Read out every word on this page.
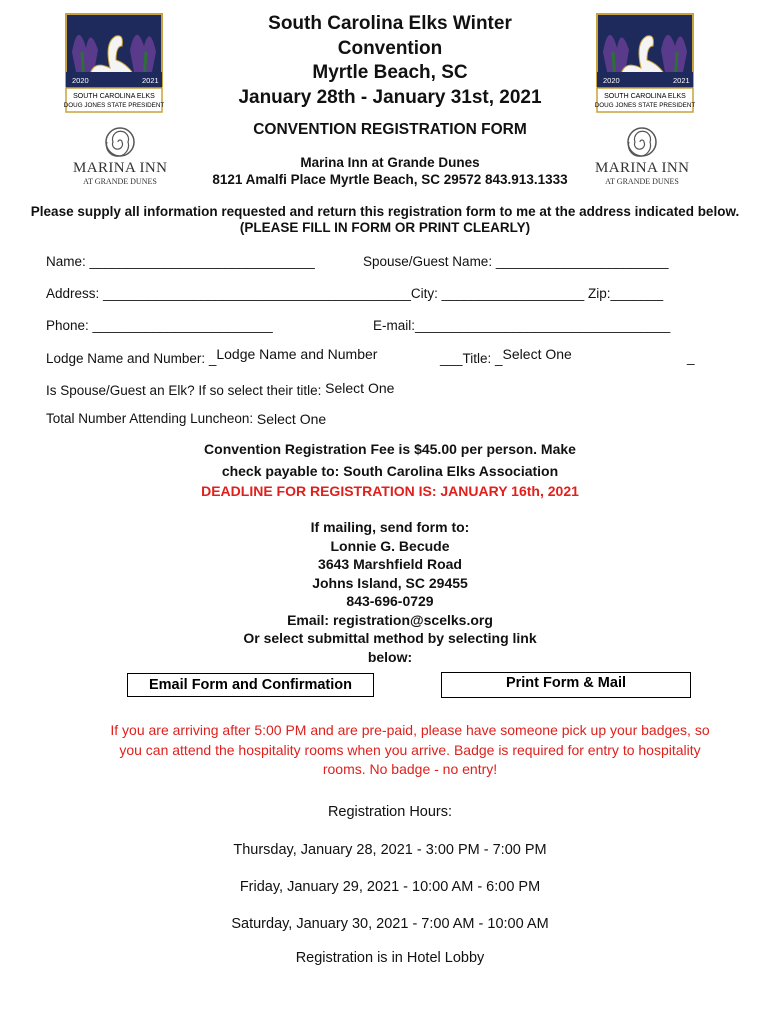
2020	2021
SOUTH CAROLINA ELKS
DOUG JONES STATE PRESIDENT
2020	2021
SOUTH CAROLINA ELKS
DOUG JONES STATE PRESIDENT
South Carolina Elks Winter
Convention
Myrtle Beach, SC
January 28th - January 31st, 2021
CONVENTION REGISTRATION FORM
MARINA INN
AT GRANDE DUNES
MARINA INN
AT GRANDE DUNES
Marina Inn at Grande Dunes
8121 Amalfi Place Myrtle Beach, SC 29572 843.913.1333
Please supply all information requested and return this registration form to me at the address indicated below. (PLEASE FILL IN FORM OR PRINT CLEARLY)
Name: ______________________________	Spouse/Guest Name: _______________________
Address: _________________________________________City: ___________________ Zip:_______
Phone: ________________________	E-mail:__________________________________
Lodge Name and Number: _Lodge Name and Number	___Title: _Select One	_
Is Spouse/Guest an Elk? If so select their title: Select One
Total Number Attending Luncheon: Select One
Convention Registration Fee is $45.00 per person. Make
check payable to: South Carolina Elks Association
DEADLINE FOR REGISTRATION IS: JANUARY 16th, 2021
If mailing, send form to:
Lonnie G. Becude
3643 Marshfield Road
Johns Island, SC 29455
843-696-0729
Email: registration@scelks.org
Or select submittal method by selecting link
below:
Email Form and Confirmation	Print Form & Mail
If you are arriving after 5:00 PM and are pre-paid, please have someone pick up your badges, so you can attend the hospitality rooms when you arrive. Badge is required for entry to hospitality rooms. No badge - no entry!
Registration Hours:
Thursday, January 28, 2021 - 3:00 PM - 7:00 PM
Friday, January 29, 2021 - 10:00 AM - 6:00 PM
Saturday, January 30, 2021 - 7:00 AM - 10:00 AM
Registration is in Hotel Lobby
